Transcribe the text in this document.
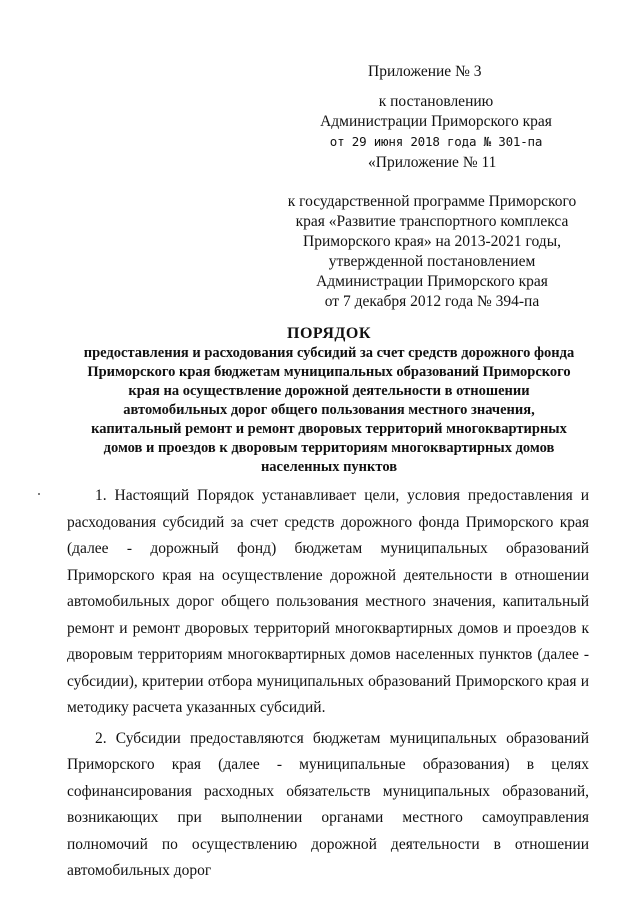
Приложение № 3
к постановлению
Администрации Приморского края
от 29 июня 2018 года № 301-па
«Приложение № 11
к государственной программе Приморского
края «Развитие транспортного комплекса
Приморского края» на 2013-2021 годы,
утвержденной постановлением
Администрации Приморского края
от 7 декабря 2012 года № 394-па
ПОРЯДОК
предоставления и расходования субсидий за счет средств дорожного фонда
Приморского края бюджетам муниципальных образований Приморского
края на осуществление дорожной деятельности в отношении
автомобильных дорог общего пользования местного значения,
капитальный ремонт и ремонт дворовых территорий многоквартирных
домов и проездов к дворовым территориям многоквартирных домов
населенных пунктов

1. Настоящий Порядок устанавливает цели, условия предоставления и расходования субсидий за счет средств дорожного фонда Приморского края (далее - дорожный фонд) бюджетам муниципальных образований Приморского края на осуществление дорожной деятельности в отношении автомобильных дорог общего пользования местного значения, капитальный ремонт и ремонт дворовых территорий многоквартирных домов и проездов к дворовым территориям многоквартирных домов населенных пунктов (далее - субсидии), критерии отбора муниципальных образований Приморского края и методику расчета указанных субсидий.

2. Субсидии предоставляются бюджетам муниципальных образований Приморского края (далее - муниципальные образования) в целях софинансирования расходных обязательств муниципальных образований, возникающих при выполнении органами местного самоуправления полномочий по осуществлению дорожной деятельности в отношении автомобильных дорог
